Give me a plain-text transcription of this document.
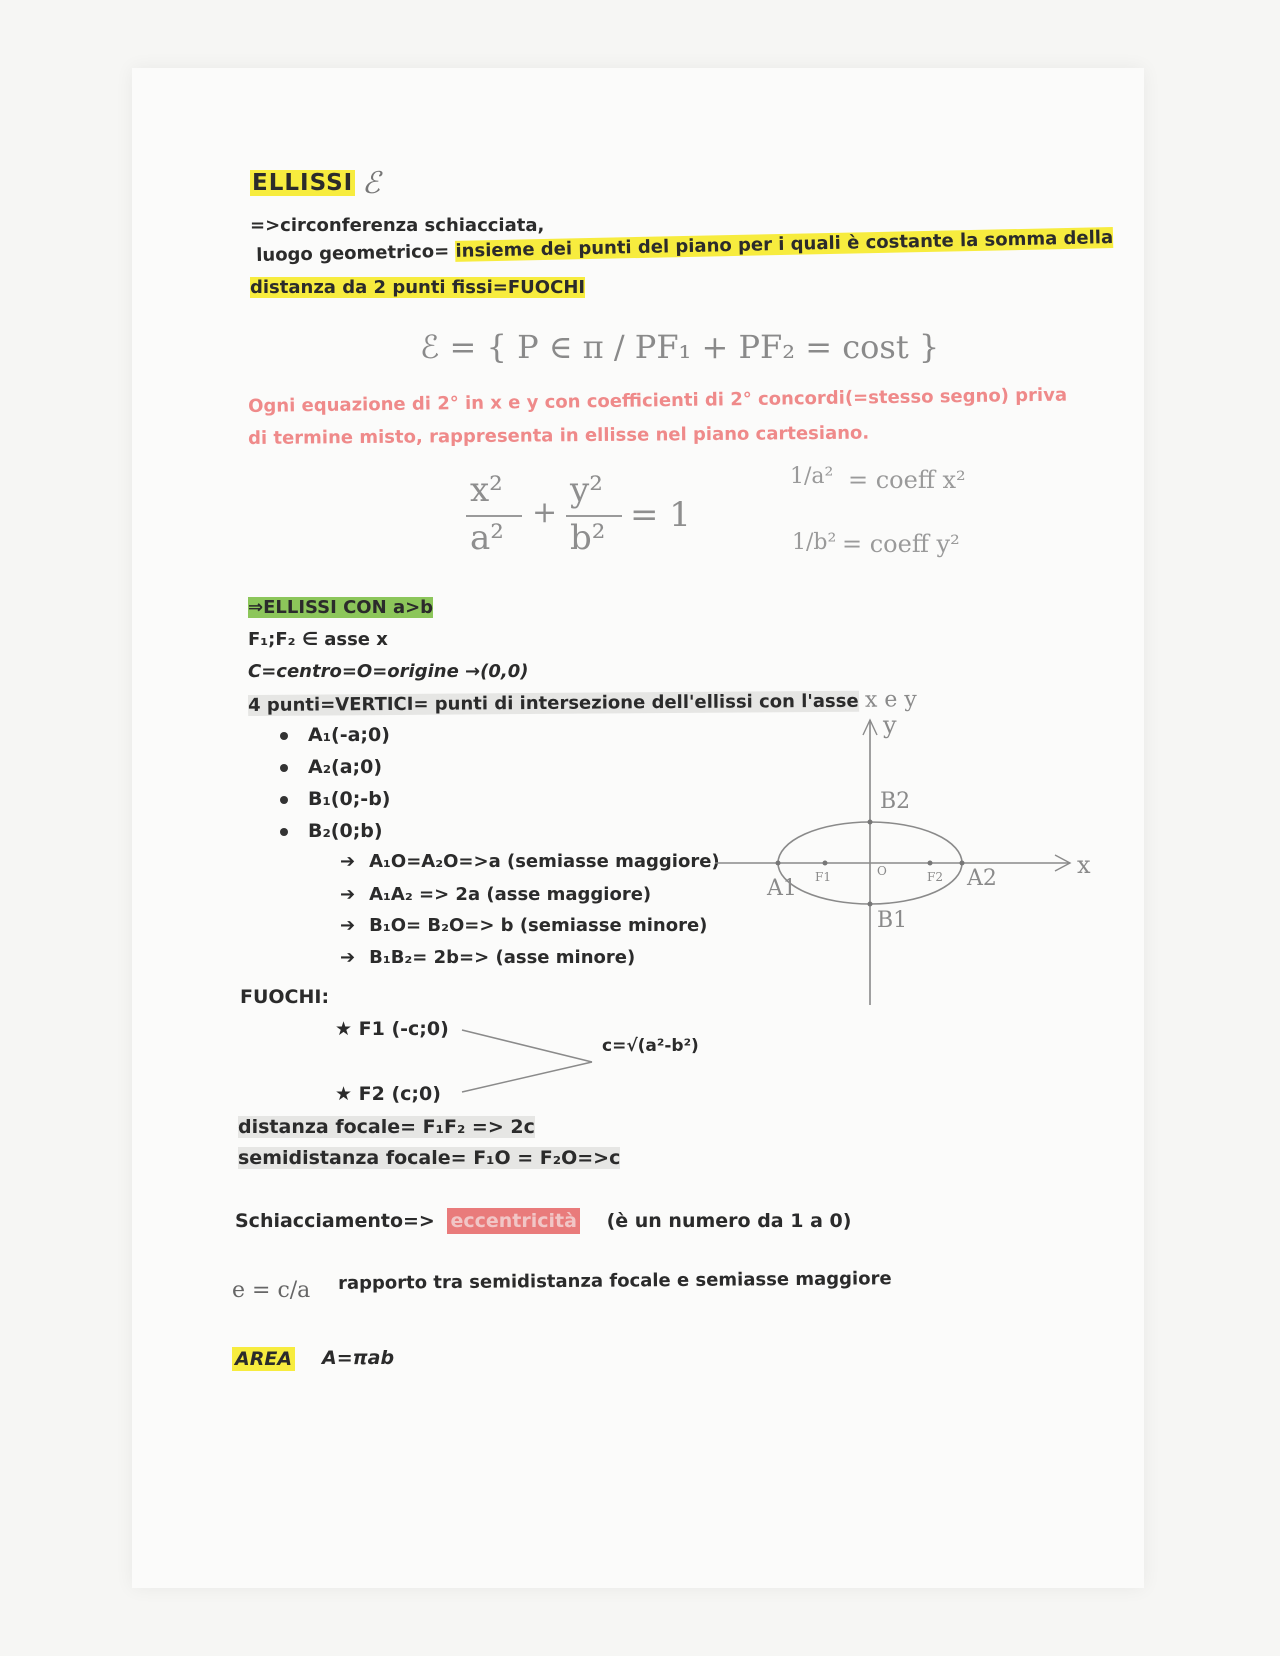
ELLISSI ℰ
=>circonferenza schiacciata,
luogo geometrico= insieme dei punti del piano per i quali è costante la somma della
distanza da 2 punti fissi=FUOCHI
ℰ = { P ∈ π / PF₁ + PF₂ = cost }
Ogni equazione di 2° in x e y con coefficienti di 2° concordi(=stesso segno) priva
di termine misto, rappresenta in ellisse nel piano cartesiano.
x²
a²
+
y²
b²
= 1
1/a² = coeff x²
1/b² = coeff y²
⇒ELLISSI CON a>b
F₁;F₂ ∈ asse x
C=centro=O=origine →(0,0)
4 punti=VERTICI= punti di intersezione dell'ellissi con l'asse x e y
A₁(-a;0)
A₂(a;0)
B₁(0;-b)
B₂(0;b)
➔ A₁O=A₂O=>a (semiasse maggiore)
➔ A₁A₂ => 2a (asse maggiore)
➔ B₁O= B₂O=> b (semiasse minore)
➔ B₁B₂= 2b=> (asse minore)
y
x
B2
B1
A1	A2
F1	F2
O
FUOCHI:
★ F1 (-c;0)
★ F2 (c;0)
c=√(a²-b²)
distanza focale= F₁F₂ => 2c
semidistanza focale= F₁O = F₂O=>c
Schiacciamento=> eccentricità (è un numero da 1 a 0)
e = c/a rapporto tra semidistanza focale e semiasse maggiore
AREA A=πab
